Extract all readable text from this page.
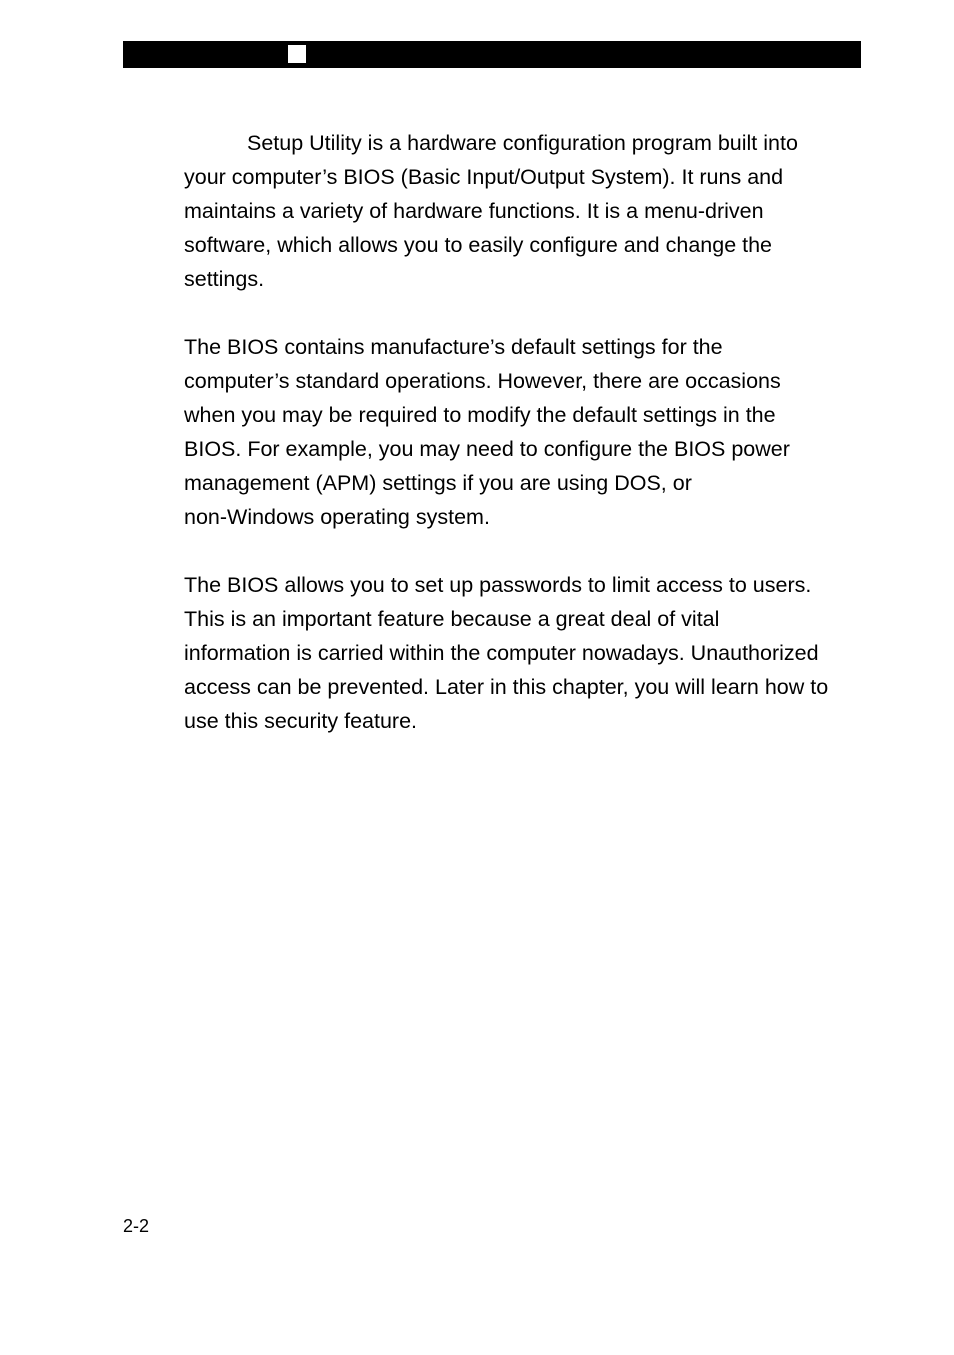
Setup Utility is a hardware configuration program built into
your computer’s BIOS (Basic Input/Output System). It runs and
maintains a variety of hardware functions. It is a menu-driven
software, which allows you to easily configure and change the
settings.

The BIOS contains manufacture’s default settings for the
computer’s standard operations. However, there are occasions
when you may be required to modify the default settings in the
BIOS. For example, you may need to configure the BIOS power
management (APM) settings if you are using DOS, or
non-Windows operating system.

The BIOS allows you to set up passwords to limit access to users.
This is an important feature because a great deal of vital
information is carried within the computer nowadays. Unauthorized
access can be prevented. Later in this chapter, you will learn how to
use this security feature.

2-2
